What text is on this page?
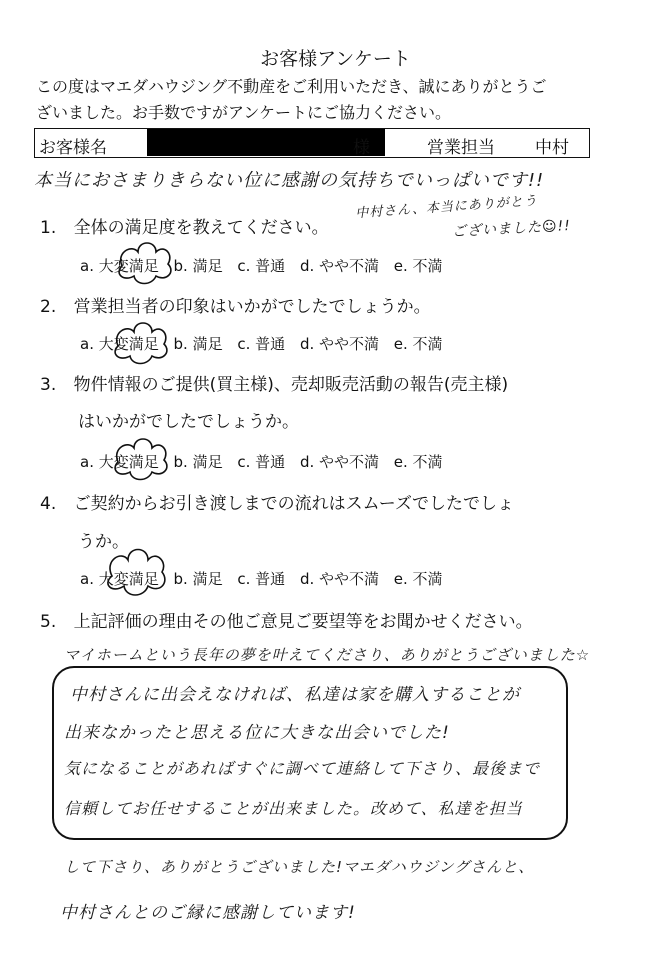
お客様アンケート
この度はマエダハウジング不動産をご利用いただき、誠にありがとうご
ざいました。お手数ですがアンケートにご協力ください。
お客様名	様	営業担当 中村
本当におさまりきらない位に感謝の気持ちでいっぱいです!!
中村さん、本当にありがとう
ございました☺!!
1. 全体の満足度を教えてください。
a. 大変満足 b. 満足 c. 普通 d. やや不満 e. 不満
2. 営業担当者の印象はいかがでしたでしょうか。
a. 大変満足 b. 満足 c. 普通 d. やや不満 e. 不満
3. 物件情報のご提供(買主様)、売却販売活動の報告(売主様)
はいかがでしたでしょうか。
a. 大変満足 b. 満足 c. 普通 d. やや不満 e. 不満
4. ご契約からお引き渡しまでの流れはスムーズでしたでしょ
うか。
a. 大変満足 b. 満足 c. 普通 d. やや不満 e. 不満
5. 上記評価の理由その他ご意見ご要望等をお聞かせください。
マイホームという長年の夢を叶えてくださり、ありがとうございました☆
中村さんに出会えなければ、私達は家を購入することが
出来なかったと思える位に大きな出会いでした!
気になることがあればすぐに調べて連絡して下さり、最後まで
信頼してお任せすることが出来ました。改めて、私達を担当
して下さり、ありがとうございました!マエダハウジングさんと、
中村さんとのご縁に感謝しています!
